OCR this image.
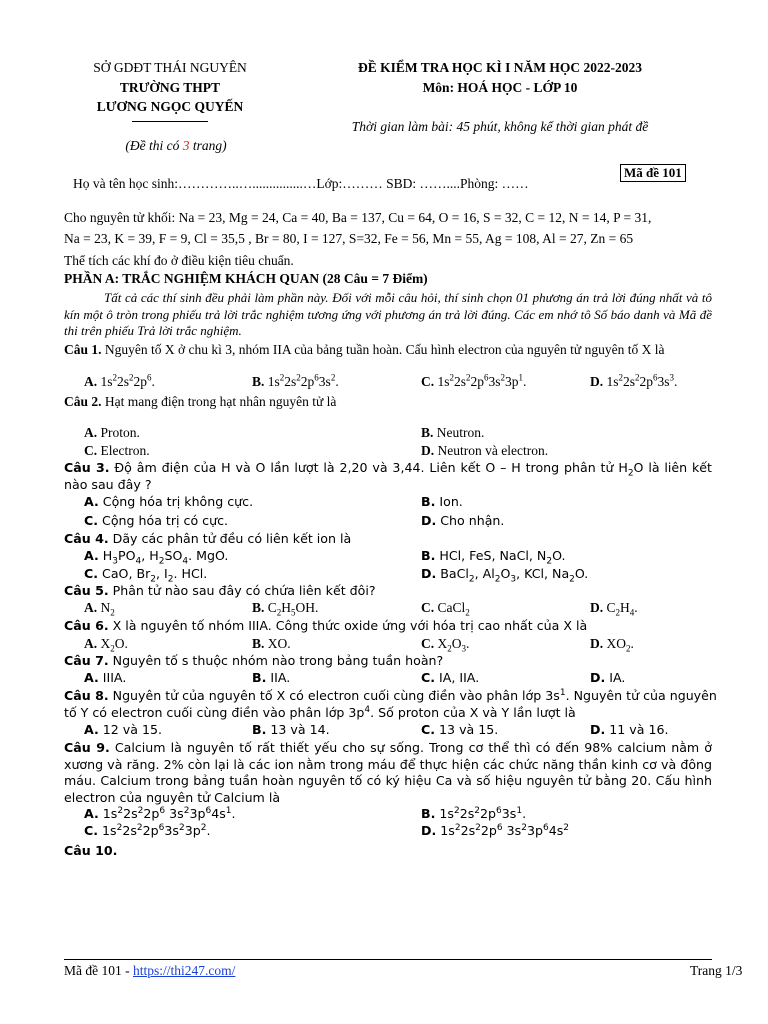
SỞ GDĐT THÁI NGUYÊN
TRƯỜNG THPT
LƯƠNG NGỌC QUYẾN
(Đề thi có 3 trang)
ĐỀ KIỂM TRA HỌC KÌ I NĂM HỌC 2022-2023
Môn: HOÁ HỌC - LỚP 10
Thời gian làm bài: 45 phút, không kể thời gian phát đề
Mã đề 101
Họ và tên học sinh:…………..…...............…Lớp:……… SBD: ……....Phòng: ……
Cho nguyên tử khối: Na = 23, Mg = 24, Ca = 40, Ba = 137, Cu = 64, O = 16, S = 32, C = 12, N = 14, P = 31,
Na = 23, K = 39, F = 9, Cl = 35,5 , Br = 80, I = 127, S=32, Fe = 56, Mn = 55, Ag = 108, Al = 27, Zn = 65
Thể tích các khí đo ở điều kiện tiêu chuẩn.
PHẦN A: TRẮC NGHIỆM KHÁCH QUAN (28 Câu = 7 Điểm)
Tất cả các thí sinh đều phải làm phần này. Đối với mỗi câu hỏi, thí sinh chọn 01 phương án trả lời đúng nhất và tô kín một ô tròn trong phiếu trả lời trắc nghiệm tương ứng với phương án trả lời đúng. Các em nhớ tô Số báo danh và Mã đề thi trên phiếu Trả lời trắc nghiệm.
Câu 1. Nguyên tố X ở chu kì 3, nhóm IIA của bảng tuần hoàn. Cấu hình electron của nguyên tử nguyên tố X là
A. $1s^22s^22p^6$.	B. $1s^22s^22p^63s^2$.	C. $1s^22s^22p^63s^23p^1$.	D. $1s^22s^22p^63s^3$.
Câu 2. Hạt mang điện trong hạt nhân nguyên tử là
A. Proton.	B. Neutron.
C. Electron.	D. Neutron và electron.
Câu 3. Độ âm điện của H và O lần lượt là 2,20 và 3,44. Liên kết O – H trong phân tử $H_2O$ là liên kết nào sau đây ?
A. Cộng hóa trị không cực.	B. Ion.
C. Cộng hóa trị có cực.	D. Cho nhận.
Câu 4. Dãy các phân tử đều có liên kết ion là
A. $H_3PO_4$, $H_2SO_4$. MgO.	B. HCl, FeS, NaCl, $N_2O$.
C. CaO, $Br_2$, $I_2$. HCl.	D. BaCl$_2$, $Al_2O_3$, KCl, $Na_2O$.
Câu 5. Phân tử nào sau đây có chứa liên kết đôi?
A. $N_2$	B. $C_2H_5OH$.	C. CaCl$_2$	D. $C_2H_4$.
Câu 6. X là nguyên tố nhóm IIIA. Công thức oxide ứng với hóa trị cao nhất của X là
A. $X_2O$.	B. XO.	C. $X_2O_3$.	D. $XO_2$.
Câu 7. Nguyên tố s thuộc nhóm nào trong bảng tuần hoàn?
A. IIIA.	B. IIA.	C. IA, IIA.	D. IA.
Câu 8. Nguyên tử của nguyên tố X có electron cuối cùng điền vào phân lớp $3s^1$. Nguyên tử của nguyên
tố Y có electron cuối cùng điền vào phân lớp $3p^4$. Số proton của X và Y lần lượt là
A. 12 và 15.	B. 13 và 14.	C. 13 và 15.	D. 11 và 16.
Câu 9. Calcium là nguyên tố rất thiết yếu cho sự sống. Trong cơ thể thì có đến 98% calcium nằm ở xương và răng. 2% còn lại là các ion nằm trong máu để thực hiện các chức năng thần kinh cơ và đông máu. Calcium trong bảng tuần hoàn nguyên tố có ký hiệu Ca và số hiệu nguyên tử bằng 20. Cấu hình electron của nguyên tử Calcium là
A. $1s^22s^22p^6$ $3s^23p^64s^1$.	B. $1s^22s^22p^63s^1$.
C. $1s^22s^22p^63s^23p^2$.	D. $1s^22s^22p^6$ $3s^23p^64s^2$
Câu 10.
Mã đề 101 - https://thi247.com/	Trang 1/3
